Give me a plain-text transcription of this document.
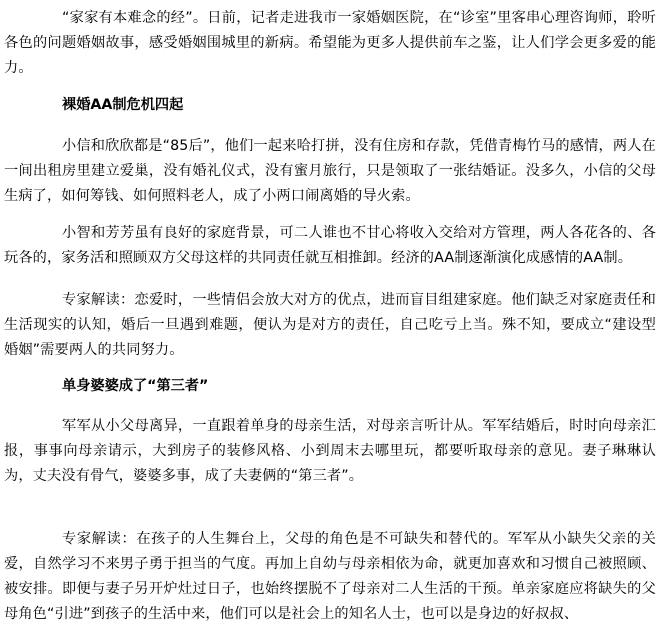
“家家有本难念的经”。日前，记者走进我市一家婚姻医院，在“诊室”里客串心理咨询师，聆听各色的问题婚姻故事，感受婚姻围城里的新病。希望能为更多人提供前车之鉴，让人们学会更多爱的能力。

裸婚AA制危机四起

小信和欣欣都是“85后”，他们一起来哈打拼，没有住房和存款，凭借青梅竹马的感情，两人在一间出租房里建立爱巢，没有婚礼仪式，没有蜜月旅行，只是领取了一张结婚证。没多久，小信的父母生病了，如何筹钱、如何照料老人，成了小两口闹离婚的导火索。

小智和芳芳虽有良好的家庭背景，可二人谁也不甘心将收入交给对方管理，两人各花各的、各玩各的，家务活和照顾双方父母这样的共同责任就互相推卸。经济的AA制逐渐演化成感情的AA制。

专家解读：恋爱时，一些情侣会放大对方的优点，进而盲目组建家庭。他们缺乏对家庭责任和生活现实的认知，婚后一旦遇到难题，便认为是对方的责任，自己吃亏上当。殊不知，要成立“建设型婚姻”需要两人的共同努力。

单身婆婆成了“第三者”

军军从小父母离异，一直跟着单身的母亲生活，对母亲言听计从。军军结婚后，时时向母亲汇报，事事向母亲请示，大到房子的装修风格、小到周末去哪里玩，都要听取母亲的意见。妻子琳琳认为，丈夫没有骨气，婆婆多事，成了夫妻俩的“第三者”。

专家解读：在孩子的人生舞台上，父母的角色是不可缺失和替代的。军军从小缺失父亲的关爱，自然学习不来男子勇于担当的气度。再加上自幼与母亲相依为命，就更加喜欢和习惯自己被照顾、被安排。即便与妻子另开炉灶过日子，也始终摆脱不了母亲对二人生活的干预。单亲家庭应将缺失的父母角色“引进”到孩子的生活中来，他们可以是社会上的知名人士，也可以是身边的好叔叔、
